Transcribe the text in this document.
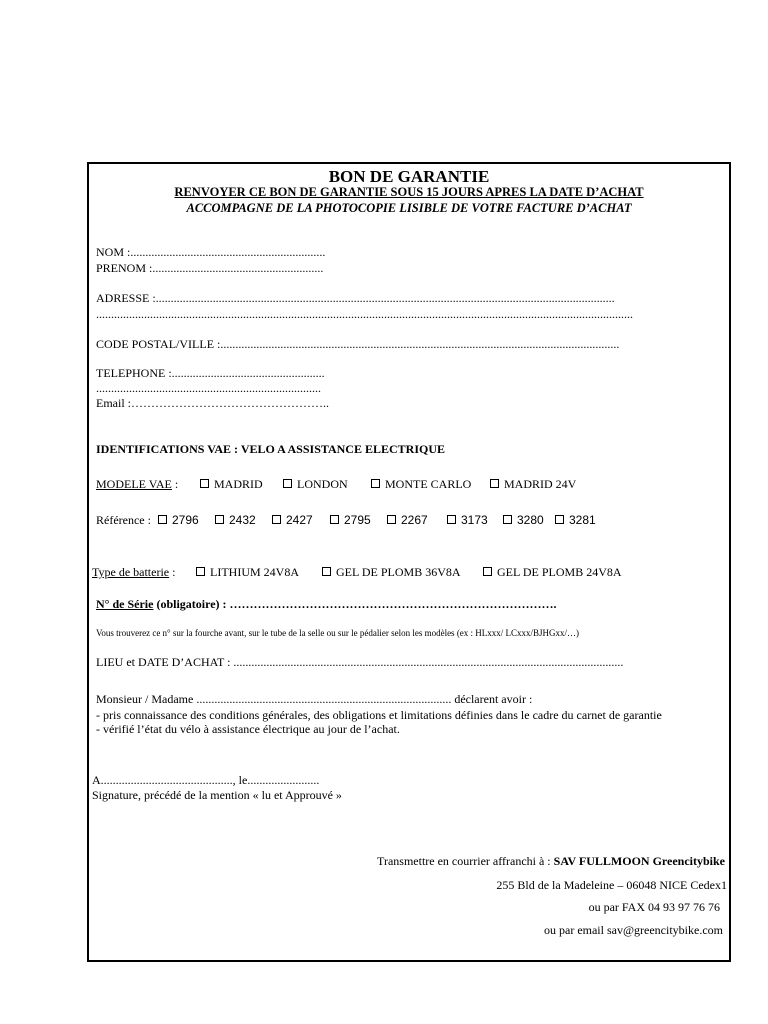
BON DE GARANTIE
RENVOYER CE BON DE GARANTIE SOUS 15 JOURS APRES LA DATE D’ACHAT
ACCOMPAGNE DE LA PHOTOCOPIE LISIBLE DE VOTRE FACTURE D’ACHAT
NOM :.................................................................
PRENOM :.........................................................
ADRESSE :.........................................................................................................................................................
...................................................................................................................................................................................
CODE POSTAL/VILLE :.....................................................................................................................................
TELEPHONE :...................................................
...........................................................................
Email :…………………………………………..
IDENTIFICATIONS VAE : VELO A ASSISTANCE ELECTRIQUE
MODELE VAE :	MADRID	LONDON	MONTE CARLO	MADRID 24V
Référence :	2796	2432	2427	2795	2267	3173	3280	3281
Type de batterie :	LITHIUM 24V8A	GEL DE PLOMB 36V8A	GEL DE PLOMB 24V8A
N° de Série (obligatoire) : ……………………………………………………………………….
Vous trouverez ce n° sur la fourche avant, sur le tube de la selle ou sur le pédalier selon les modèles (ex : HLxxx/ LCxxx/BJHGxx/…)
LIEU et DATE D’ACHAT : ..................................................................................................................................
Monsieur / Madame ..................................................................................... déclarent avoir :
- pris connaissance des conditions générales, des obligations et limitations définies dans le cadre du carnet de garantie
- vérifié l’état du vélo à assistance électrique au jour de l’achat.
A............................................, le........................
Signature, précédé de la mention « lu et Approuvé »
Transmettre en courrier affranchi à : SAV FULLMOON Greencitybike
255 Bld de la Madeleine – 06048 NICE Cedex1
ou par FAX 04 93 97 76 76
ou par email sav@greencitybike.com
